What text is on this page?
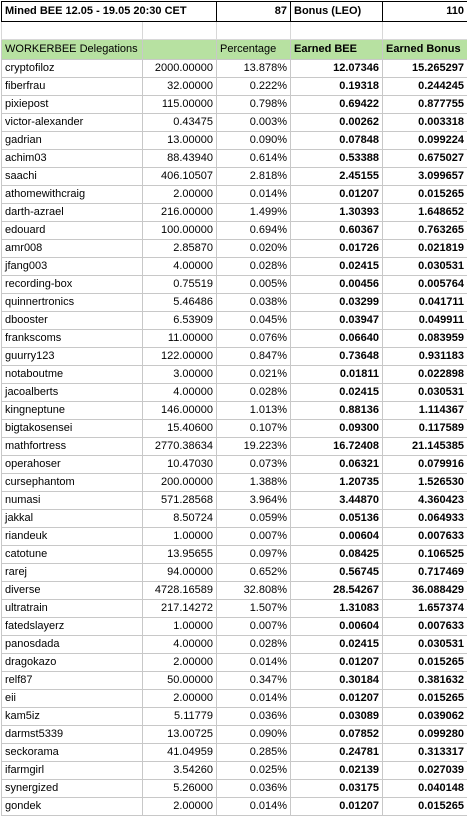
Mined BEE 12.05 - 19.05 20:30 CET		87	Bonus (LEO)	110

WORKERBEE Delegations		Percentage	Earned BEE	Earned Bonus
cryptofiloz	2000.00000	13.878%	12.07346	15.265297
fiberfrau	32.00000	0.222%	0.19318	0.244245
pixiepost	115.00000	0.798%	0.69422	0.877755
victor-alexander	0.43475	0.003%	0.00262	0.003318
gadrian	13.00000	0.090%	0.07848	0.099224
achim03	88.43940	0.614%	0.53388	0.675027
saachi	406.10507	2.818%	2.45155	3.099657
athomewithcraig	2.00000	0.014%	0.01207	0.015265
darth-azrael	216.00000	1.499%	1.30393	1.648652
edouard	100.00000	0.694%	0.60367	0.763265
amr008	2.85870	0.020%	0.01726	0.021819
jfang003	4.00000	0.028%	0.02415	0.030531
recording-box	0.75519	0.005%	0.00456	0.005764
quinnertronics	5.46486	0.038%	0.03299	0.041711
dbooster	6.53909	0.045%	0.03947	0.049911
frankscoms	11.00000	0.076%	0.06640	0.083959
guurry123	122.00000	0.847%	0.73648	0.931183
notaboutme	3.00000	0.021%	0.01811	0.022898
jacoalberts	4.00000	0.028%	0.02415	0.030531
kingneptune	146.00000	1.013%	0.88136	1.114367
bigtakosensei	15.40600	0.107%	0.09300	0.117589
mathfortress	2770.38634	19.223%	16.72408	21.145385
operahoser	10.47030	0.073%	0.06321	0.079916
cursephantom	200.00000	1.388%	1.20735	1.526530
numasi	571.28568	3.964%	3.44870	4.360423
jakkal	8.50724	0.059%	0.05136	0.064933
riandeuk	1.00000	0.007%	0.00604	0.007633
catotune	13.95655	0.097%	0.08425	0.106525
rarej	94.00000	0.652%	0.56745	0.717469
diverse	4728.16589	32.808%	28.54267	36.088429
ultratrain	217.14272	1.507%	1.31083	1.657374
fatedslayerz	1.00000	0.007%	0.00604	0.007633
panosdada	4.00000	0.028%	0.02415	0.030531
dragokazo	2.00000	0.014%	0.01207	0.015265
relf87	50.00000	0.347%	0.30184	0.381632
eii	2.00000	0.014%	0.01207	0.015265
kam5iz	5.11779	0.036%	0.03089	0.039062
darmst5339	13.00725	0.090%	0.07852	0.099280
seckorama	41.04959	0.285%	0.24781	0.313317
ifarmgirl	3.54260	0.025%	0.02139	0.027039
synergized	5.26000	0.036%	0.03175	0.040148
gondek	2.00000	0.014%	0.01207	0.015265
